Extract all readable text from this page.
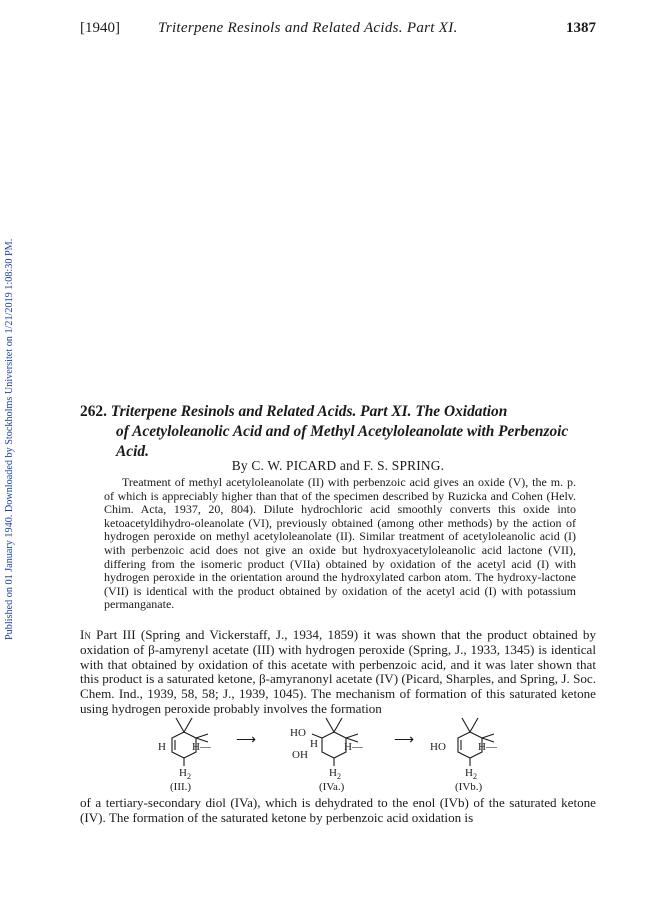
[1940]	Triterpene Resinols and Related Acids. Part XI.	1387
Published on 01 January 1940. Downloaded by Stockholms Universitet on 1/21/2019 1:08:30 PM.	262. Triterpene Resinols and Related Acids. Part XI. The Oxidation
of Acetyloleanolic Acid and of Methyl Acetyloleanolate with Perbenzoic
Acid.
By C. W. PICARD and F. S. SPRING.

Treatment of methyl acetyloleanolate (II) with perbenzoic acid gives an oxide (V), the m. p. of which is appreciably higher than that of the specimen described by Ruzicka and Cohen (Helv. Chim. Acta, 1937, 20, 804). Dilute hydrochloric acid smoothly converts this oxide into ketoacetyldihydro-oleanolate (VI), previously obtained (among other methods) by the action of hydrogen peroxide on methyl acetyloleanolate (II). Similar treatment of acetyloleanolic acid (I) with perbenzoic acid does not give an oxide but hydroxyacetyloleanolic acid lactone (VII), differing from the isomeric product (VIIa) obtained by oxidation of the acetyl acid (I) with hydrogen peroxide in the orientation around the hydroxylated carbon atom. The hydroxy-lactone (VII) is identical with the product obtained by oxidation of the acetyl acid (I) with potassium permanganate.

In Part III (Spring and Vickerstaff, J., 1934, 1859) it was shown that the product obtained by oxidation of β-amyrenyl acetate (III) with hydrogen peroxide (Spring, J., 1933, 1345) is identical with that obtained by oxidation of this acetate with perbenzoic acid, and it was later shown that this product is a saturated ketone, β-amyranonyl acetate (IV) (Picard, Sharples, and Spring, J. Soc. Chem. Ind., 1939, 58, 58; J., 1939, 1045). The mechanism of formation of this saturated ketone using hydrogen peroxide probably involves the formation

H H—
H 2
(III.)
⟶	HO
H
OH
H—
H 2
(IVa.)
⟶ HO	H—
H 2
(IVb.)

of a tertiary-secondary diol (IVa), which is dehydrated to the enol (IVb) of the saturated ketone (IV). The formation of the saturated ketone by perbenzoic acid oxidation is
